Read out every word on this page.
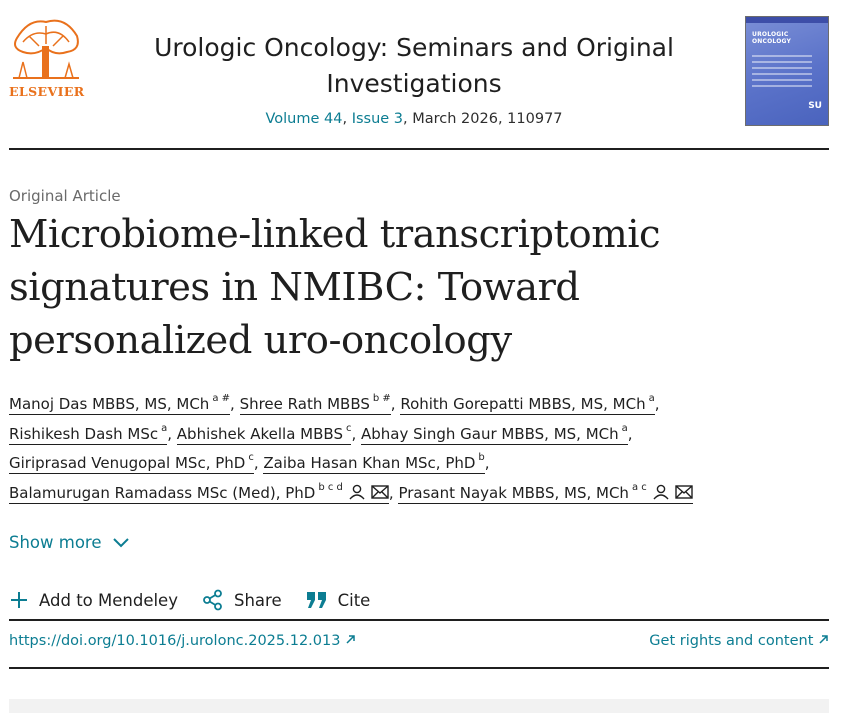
ELSEVIER
Urologic Oncology: Seminars and Original Investigations
Volume 44, Issue 3, March 2026, 110977
UROLOGIC ONCOLOGY
SU
Original Article
Microbiome-linked transcriptomic signatures in NMIBC: Toward personalized uro-oncology
Manoj Das MBBS, MS, MCh $^{a \#}$, Shree Rath MBBS $^{b \#}$, Rohith Gorepatti MBBS, MS, MCh $^a$,
Rishikesh Dash MSc $^a$, Abhishek Akella MBBS $^c$, Abhay Singh Gaur MBBS, MS, MCh $^a$,
Giriprasad Venugopal MSc, PhD $^c$, Zaiba Hasan Khan MSc, PhD $^b$,
Balamurugan Ramadass MSc (Med), PhD $^{b c d}$	, Prasant Nayak MBBS, MS, MCh $^{a c}$
Show more
Add to Mendeley	Share	Cite
https://doi.org/10.1016/j.urolonc.2025.12.013	Get rights and content
